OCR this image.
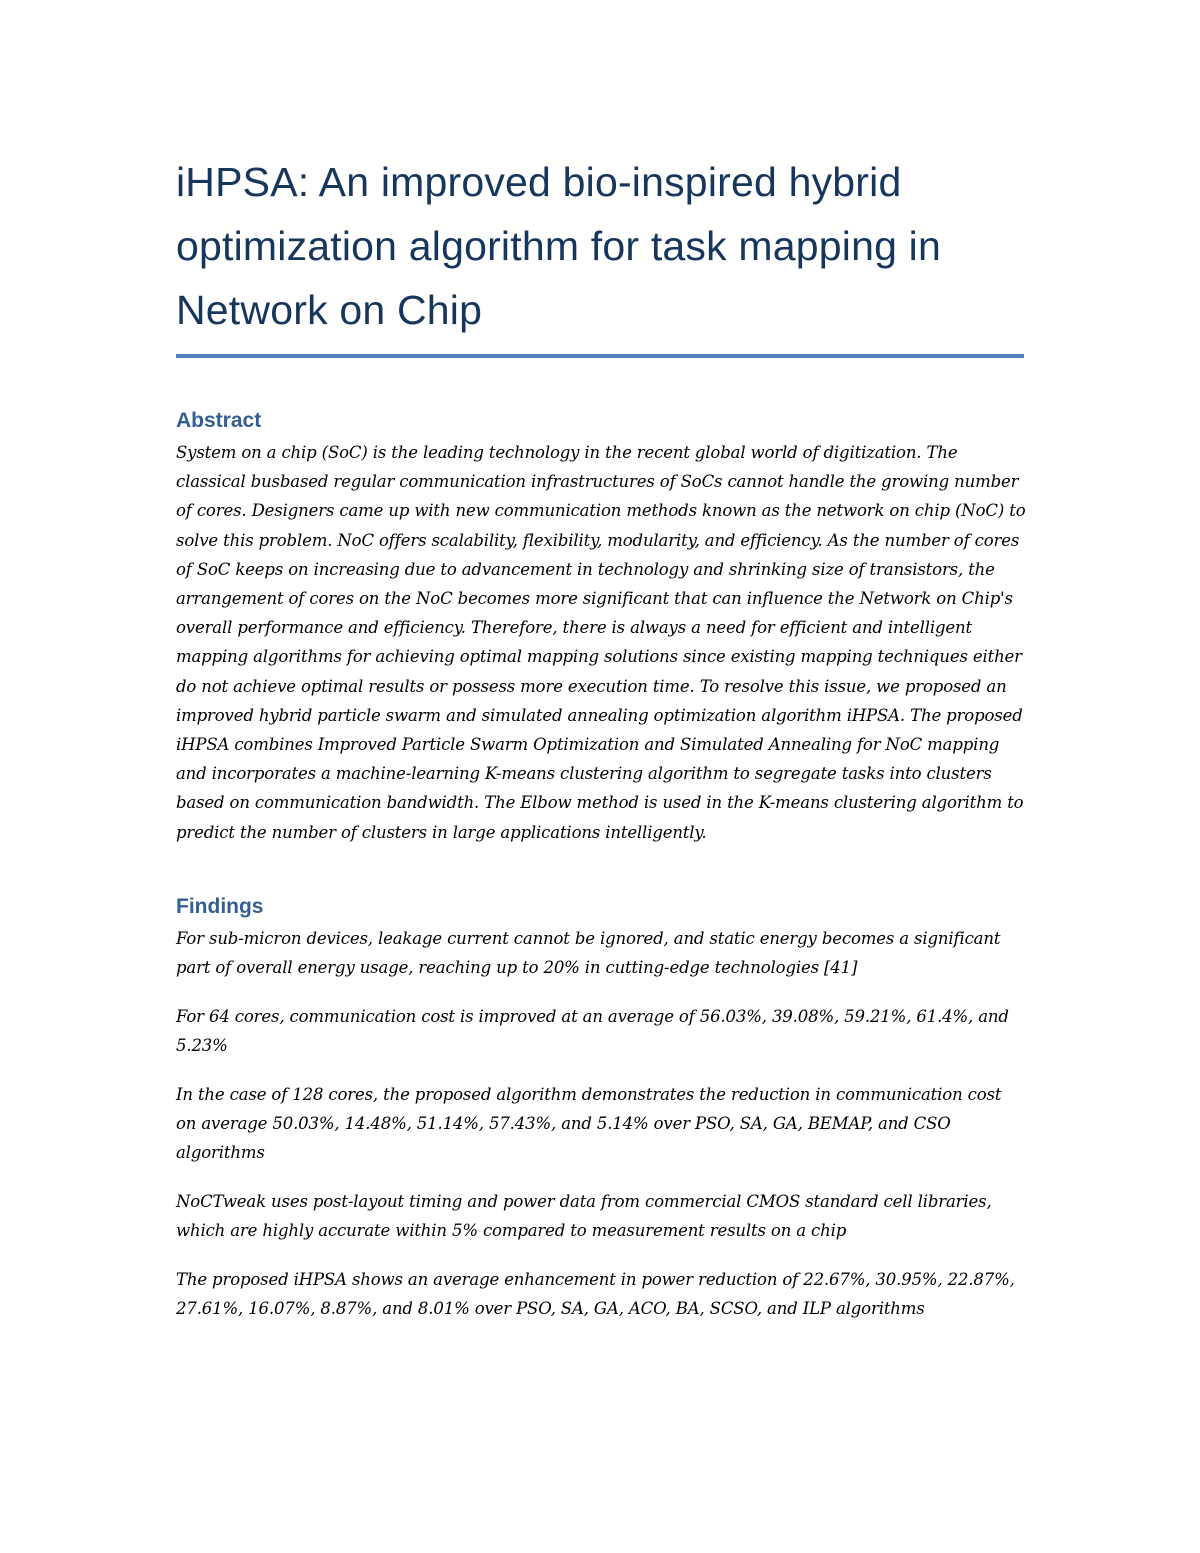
iHPSA: An improved bio-inspired hybrid optimization algorithm for task mapping in Network on Chip
Abstract

System on a chip (SoC) is the leading technology in the recent global world of digitization. The classical busbased regular communication infrastructures of SoCs cannot handle the growing number of cores. Designers came up with new communication methods known as the network on chip (NoC) to solve this problem. NoC offers scalability, flexibility, modularity, and efficiency. As the number of cores of SoC keeps on increasing due to advancement in technology and shrinking size of transistors, the arrangement of cores on the NoC becomes more significant that can influence the Network on Chip's overall performance and efficiency. Therefore, there is always a need for efficient and intelligent mapping algorithms for achieving optimal mapping solutions since existing mapping techniques either do not achieve optimal results or possess more execution time. To resolve this issue, we proposed an improved hybrid particle swarm and simulated annealing optimization algorithm iHPSA. The proposed iHPSA combines Improved Particle Swarm Optimization and Simulated Annealing for NoC mapping and incorporates a machine-learning K-means clustering algorithm to segregate tasks into clusters based on communication bandwidth. The Elbow method is used in the K-means clustering algorithm to predict the number of clusters in large applications intelligently.

Findings

For sub-micron devices, leakage current cannot be ignored, and static energy becomes a significant part of overall energy usage, reaching up to 20% in cutting-edge technologies [41]

For 64 cores, communication cost is improved at an average of 56.03%, 39.08%, 59.21%, 61.4%, and 5.23%

In the case of 128 cores, the proposed algorithm demonstrates the reduction in communication cost on average 50.03%, 14.48%, 51.14%, 57.43%, and 5.14% over PSO, SA, GA, BEMAP, and CSO algorithms

NoCTweak uses post-layout timing and power data from commercial CMOS standard cell libraries, which are highly accurate within 5% compared to measurement results on a chip

The proposed iHPSA shows an average enhancement in power reduction of 22.67%, 30.95%, 22.87%, 27.61%, 16.07%, 8.87%, and 8.01% over PSO, SA, GA, ACO, BA, SCSO, and ILP algorithms
